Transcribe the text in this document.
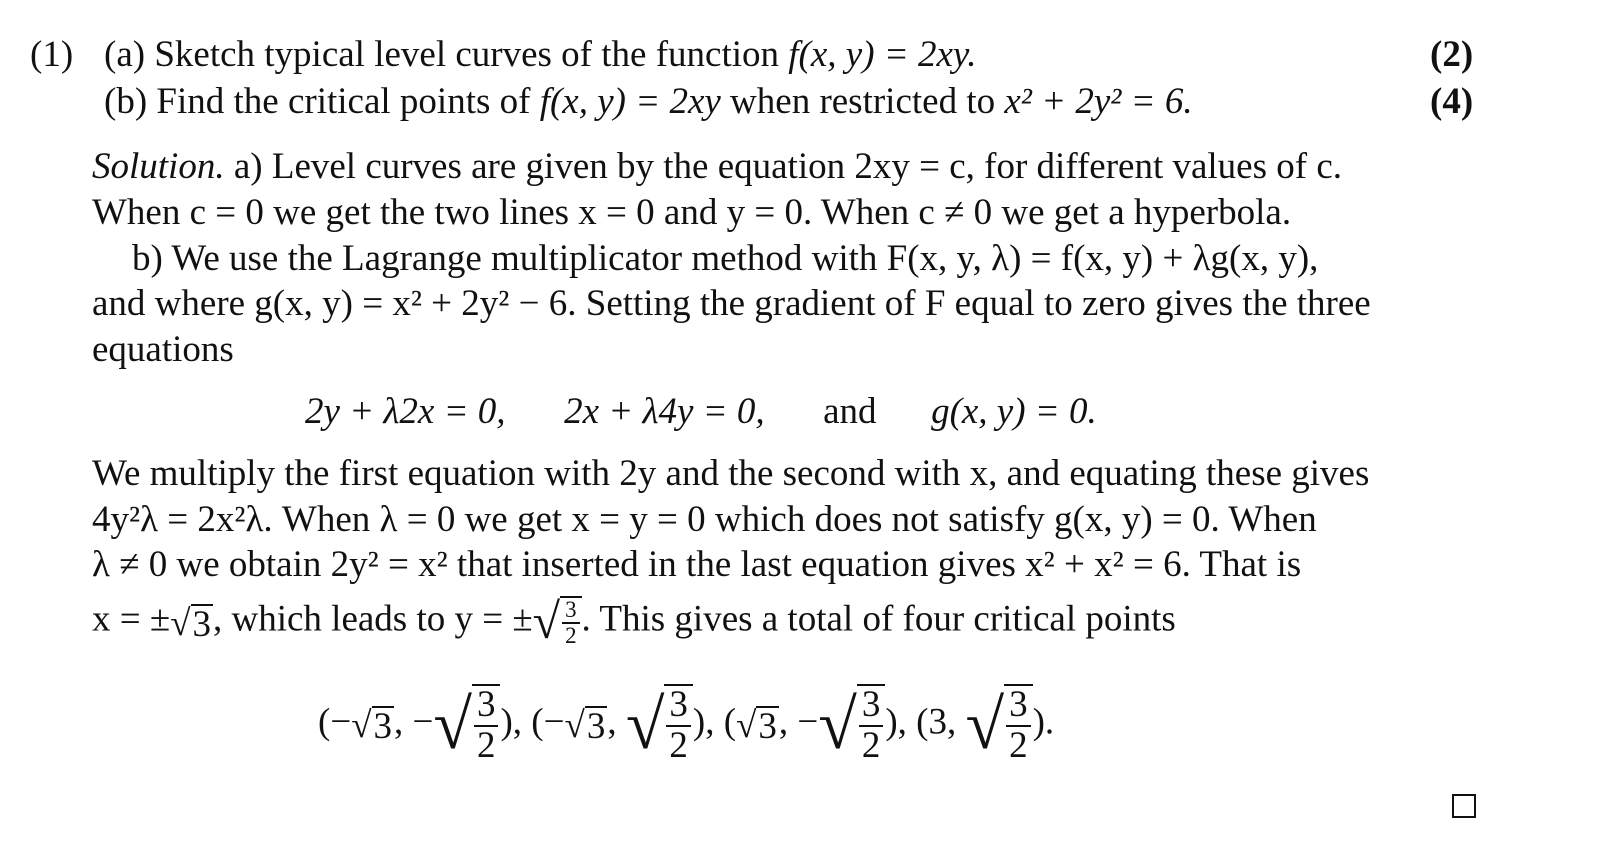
(1) (a) Sketch typical level curves of the function f(x, y) = 2xy.	(2)
(b) Find the critical points of f(x, y) = 2xy when restricted to x² + 2y² = 6.	(4)
Solution. a) Level curves are given by the equation 2xy = c, for different values of c.
When c = 0 we get the two lines x = 0 and y = 0. When c ≠ 0 we get a hyperbola.
b) We use the Lagrange multiplicator method with F(x, y, λ) = f(x, y) + λg(x, y),
and where g(x, y) = x² + 2y² − 6. Setting the gradient of F equal to zero gives the three
equations
2y + λ2x = 0, 2x + λ4y = 0, and g(x, y) = 0.
We multiply the first equation with 2y and the second with x, and equating these gives
4y²λ = 2x²λ. When λ = 0 we get x = y = 0 which does not satisfy g(x, y) = 0. When
λ ≠ 0 we obtain 2y² = x² that inserted in the last equation gives x² + x² = 6. That is
x = ±√3, which leads to y = ±√ $\frac{3}{2}$ . This gives a total of four critical points
(−√3, −√ $\frac{3}{2}$ ), (−√3, √ $\frac{3}{2}$ ), (√3, −√ $\frac{3}{2}$ ), (3, √ $\frac{3}{2}$ ).
